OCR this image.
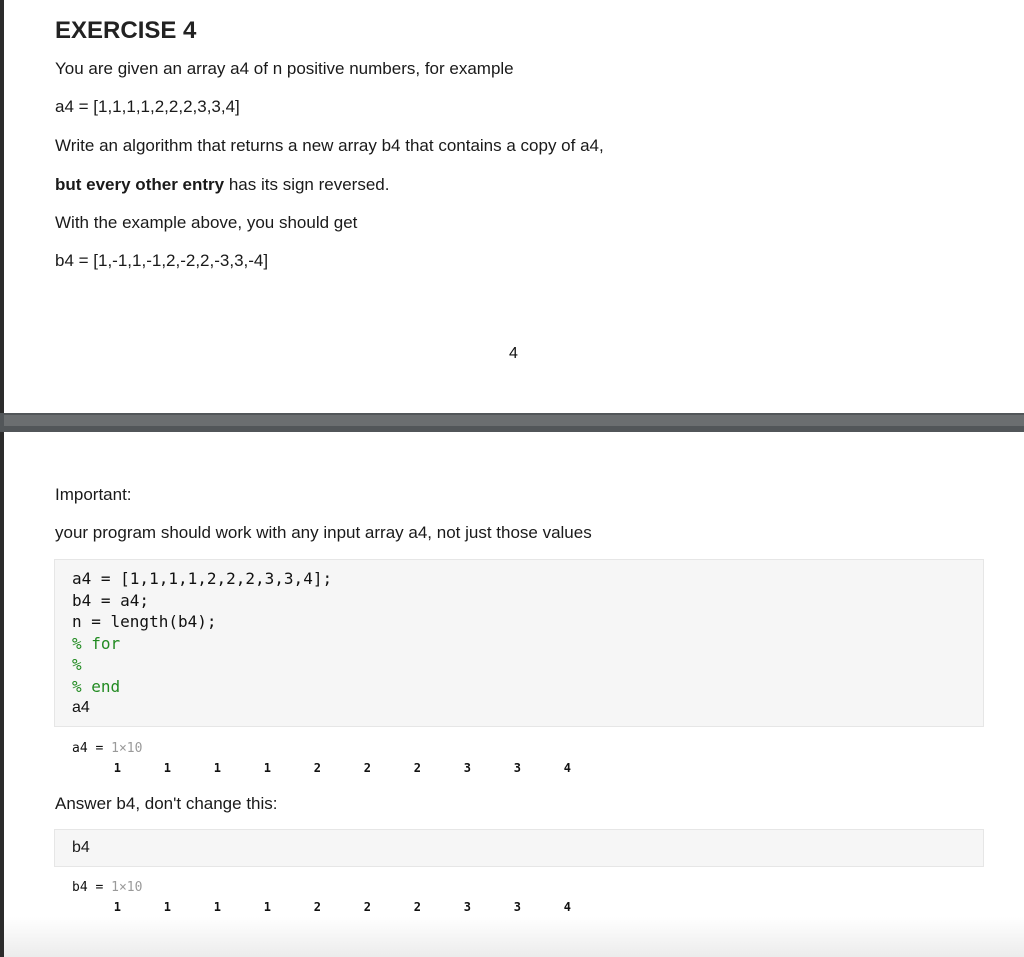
EXERCISE 4
You are given an array a4 of n positive numbers, for example
a4 = [1,1,1,1,2,2,2,3,3,4]
Write an algorithm that returns a new array b4 that contains a copy of a4,
but every other entry has its sign reversed.
With the example above, you should get
b4 = [1,-1,1,-1,2,-2,2,-3,3,-4]
4
Important:
your program should work with any input array a4, not just those values
a4 = [1,1,1,1,2,2,2,3,3,4];
b4 = a4;
n = length(b4);
% for
%
% end
a4
a4 = 1×10
1	1	1	1	2	2	2	3	3	4
Answer b4, don't change this:
b4
b4 = 1×10
1	1	1	1	2	2	2	3	3	4
